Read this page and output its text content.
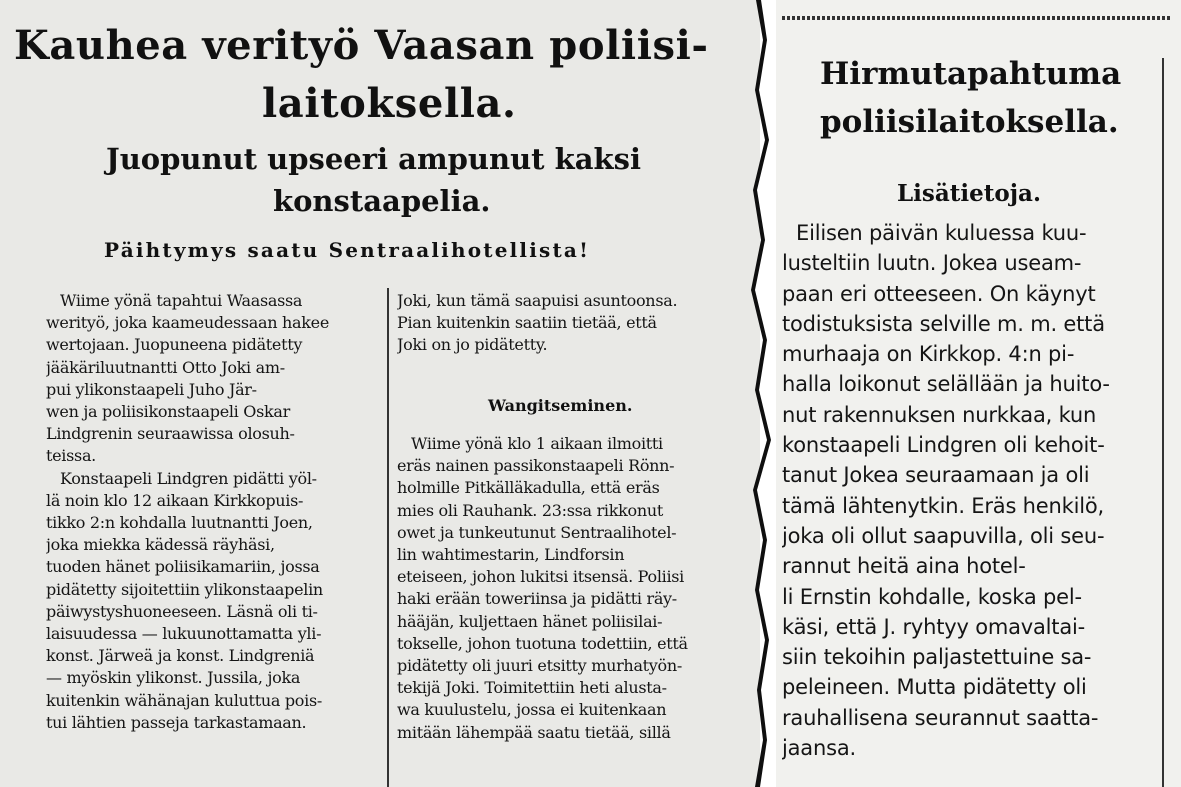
Kauhea verityö Vaasan poliisi-
laitoksella.
Juopunut upseeri ampunut kaksi
konstaapelia.
Päihtymys saatu Sentraalihotellista!
Wiime yönä tapahtui Waasassa
werityö, joka kaameudessaan hakee
wertojaan. Juopuneena pidätetty
jääkäriluutnantti Otto Joki am-
pui ylikonstaapeli Juho Jär-
wen ja poliisikonstaapeli Oskar
Lindgrenin seuraawissa olosuh-
teissa.
Konstaapeli Lindgren pidätti yöl-
lä noin klo 12 aikaan Kirkkopuis-
tikko 2:n kohdalla luutnantti Joen,
joka miekka kädessä räyhäsi,
tuoden hänet poliisikamariin, jossa
pidätetty sijoitettiin ylikonstaapelin
päiwystyshuoneeseen. Läsnä oli ti-
laisuudessa — lukuunottamatta yli-
konst. Järweä ja konst. Lindgreniä
— myöskin ylikonst. Jussila, joka
kuitenkin wähänajan kuluttua pois-
tui lähtien passeja tarkastamaan.
Joki, kun tämä saapuisi asuntoonsa.
Pian kuitenkin saatiin tietää, että
Joki on jo pidätetty.
Wangitseminen.
Wiime yönä klo 1 aikaan ilmoitti
eräs nainen passikonstaapeli Rönn-
holmille Pitkälläkadulla, että eräs
mies oli Rauhank. 23:ssa rikkonut
owet ja tunkeutunut Sentraalihotel-
lin wahtimestarin, Lindforsin
eteiseen, johon lukitsi itsensä. Poliisi
haki erään toweriinsa ja pidätti räy-
hääjän, kuljettaen hänet poliisilai-
tokselle, johon tuotuna todettiin, että
pidätetty oli juuri etsitty murhatyön-
tekijä Joki. Toimitettiin heti alusta-
wa kuulustelu, jossa ei kuitenkaan
mitään lähempää saatu tietää, sillä
Hirmutapahtuma
poliisilaitoksella.
Lisätietoja.
Eilisen päivän kuluessa kuu-
lusteltiin luutn. Jokea useam-
paan eri otteeseen. On käynyt
todistuksista selville m. m. että
murhaaja on Kirkkop. 4:n pi-
halla loikonut selällään ja huito-
nut rakennuksen nurkkaa, kun
konstaapeli Lindgren oli kehoit-
tanut Jokea seuraamaan ja oli
tämä lähtenytkin. Eräs henkilö,
joka oli ollut saapuvilla, oli seu-
rannut heitä aina hotel-
li Ernstin kohdalle, koska pel-
käsi, että J. ryhtyy omavaltai-
siin tekoihin paljastettuine sa-
peleineen. Mutta pidätetty oli
rauhallisena seurannut saatta-
jaansa.
